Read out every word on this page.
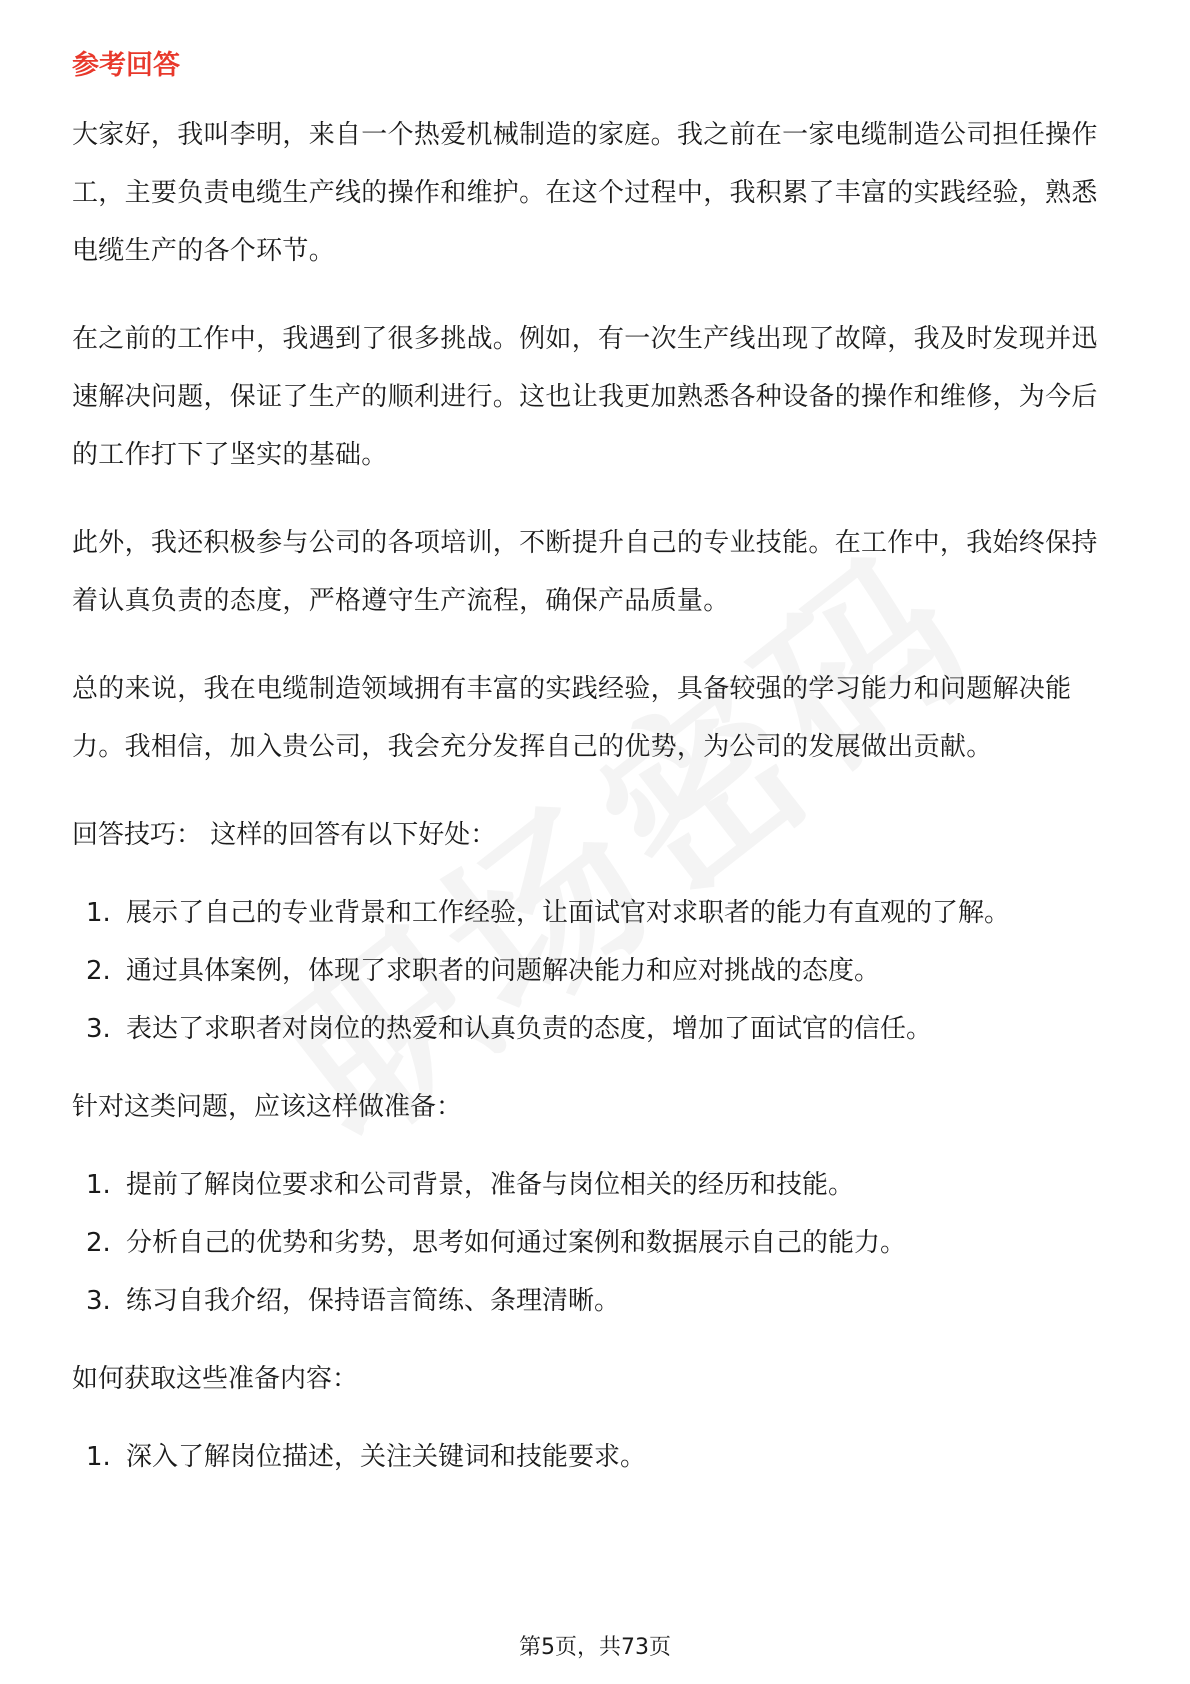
参考回答

大家好，我叫李明，来自一个热爱机械制造的家庭。我之前在一家电缆制造公司担任操作工，主要负责电缆生产线的操作和维护。在这个过程中，我积累了丰富的实践经验，熟悉电缆生产的各个环节。

在之前的工作中，我遇到了很多挑战。例如，有一次生产线出现了故障，我及时发现并迅速解决问题，保证了生产的顺利进行。这也让我更加熟悉各种设备的操作和维修，为今后的工作打下了坚实的基础。

此外，我还积极参与公司的各项培训，不断提升自己的专业技能。在工作中，我始终保持着认真负责的态度，严格遵守生产流程，确保产品质量。

总的来说，我在电缆制造领域拥有丰富的实践经验，具备较强的学习能力和问题解决能力。我相信，加入贵公司，我会充分发挥自己的优势，为公司的发展做出贡献。

回答技巧： 这样的回答有以下好处：
1. 展示了自己的专业背景和工作经验，让面试官对求职者的能力有直观的了解。
2. 通过具体案例，体现了求职者的问题解决能力和应对挑战的态度。
3. 表达了求职者对岗位的热爱和认真负责的态度，增加了面试官的信任。
针对这类问题，应该这样做准备：
1. 提前了解岗位要求和公司背景，准备与岗位相关的经历和技能。
2. 分析自己的优势和劣势，思考如何通过案例和数据展示自己的能力。
3. 练习自我介绍，保持语言简练、条理清晰。
如何获取这些准备内容：
1. 深入了解岗位描述，关注关键词和技能要求。
第5页，共73页
